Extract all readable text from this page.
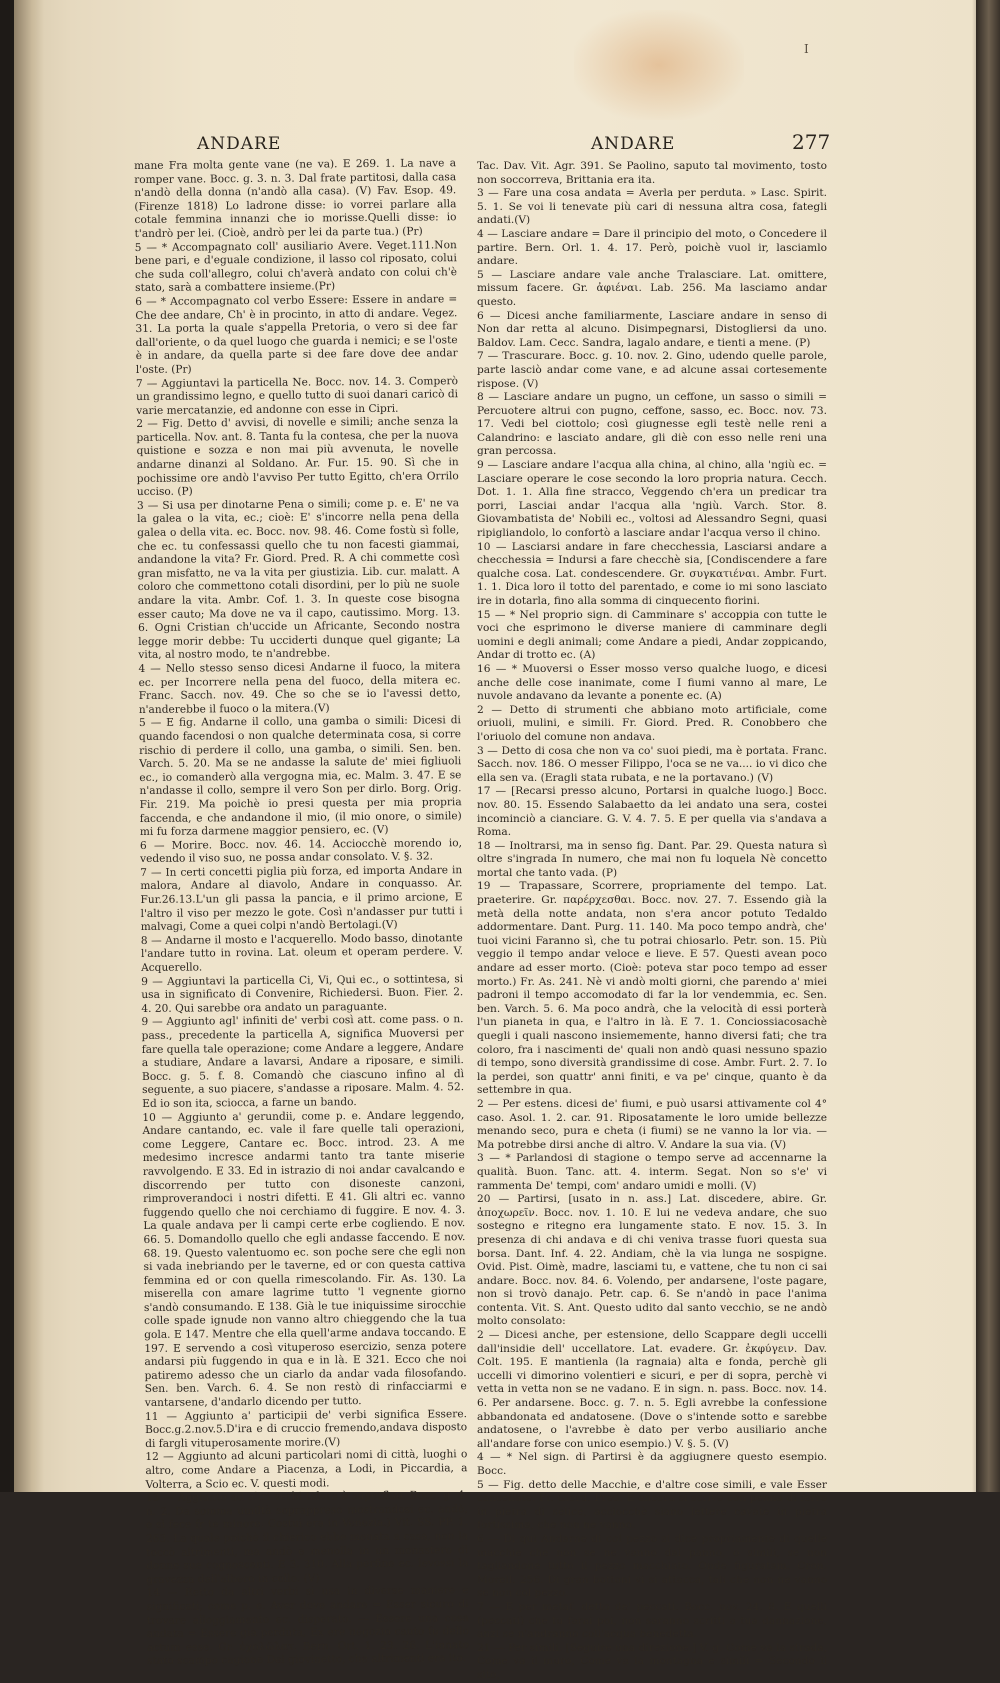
I
ANDARE	ANDARE	277

mane Fra molta gente vane (ne va). E 269. 1. La nave a romper vane. Bocc. g. 3. n. 3. Dal frate partitosi, dalla casa n'andò della donna (n'andò alla casa). (V) Fav. Esop. 49. (Firenze 1818) Lo ladrone disse: io vorrei parlare alla cotale femmina innanzi che io morisse.Quelli disse: io t'andrò per lei. (Cioè, andrò per lei da parte tua.) (Pr)

5 — * Accompagnato coll' ausiliario Avere. Veget.111.Non bene pari, e d'eguale condizione, il lasso col riposato, colui che suda coll'allegro, colui ch'averà andato con colui ch'è stato, sarà a combattere insieme.(Pr)

6 — * Accompagnato col verbo Essere: Essere in andare = Che dee andare, Ch' è in procinto, in atto di andare. Vegez. 31. La porta la quale s'appella Pretoria, o vero si dee far dall'oriente, o da quel luogo che guarda i nemici; e se l'oste è in andare, da quella parte si dee fare dove dee andar l'oste. (Pr)

7 — Aggiuntavi la particella Ne. Bocc. nov. 14. 3. Comperò un grandissimo legno, e quello tutto di suoi danari caricò di varie mercatanzie, ed andonne con esse in Cipri.

2 — Fig. Detto d' avvisi, di novelle e simili; anche senza la particella. Nov. ant. 8. Tanta fu la contesa, che per la nuova quistione e sozza e non mai più avvenuta, le novelle andarne dinanzi al Soldano. Ar. Fur. 15. 90. Sì che in pochissime ore andò l'avviso Per tutto Egitto, ch'era Orrilo ucciso. (P)

3 — Si usa per dinotarne Pena o simili; come p. e. E' ne va la galea o la vita, ec.; cioè: E' s'incorre nella pena della galea o della vita. ec. Bocc. nov. 98. 46. Come fostù sì folle, che ec. tu confessassi quello che tu non facesti giammai, andandone la vita? Fr. Giord. Pred. R. A chi commette così gran misfatto, ne va la vita per giustizia. Lib. cur. malatt. A coloro che commettono cotali disordini, per lo più ne suole andare la vita. Ambr. Cof. 1. 3. In queste cose bisogna esser cauto; Ma dove ne va il capo, cautissimo. Morg. 13. 6. Ogni Cristian ch'uccide un Africante, Secondo nostra legge morir debbe: Tu ucciderti dunque quel gigante; La vita, al nostro modo, te n'andrebbe.

4 — Nello stesso senso dicesi Andarne il fuoco, la mitera ec. per Incorrere nella pena del fuoco, della mitera ec. Franc. Sacch. nov. 49. Che so che se io l'avessi detto, n'anderebbe il fuoco o la mitera.(V)

5 — E fig. Andarne il collo, una gamba o simili: Dicesi di quando facendosi o non qualche determinata cosa, si corre rischio di perdere il collo, una gamba, o simili. Sen. ben. Varch. 5. 20. Ma se ne andasse la salute de' miei figliuoli ec., io comanderò alla vergogna mia, ec. Malm. 3. 47. E se n'andasse il collo, sempre il vero Son per dirlo. Borg. Orig. Fir. 219. Ma poichè io presi questa per mia propria faccenda, e che andandone il mio, (il mio onore, o simile) mi fu forza darmene maggior pensiero, ec. (V)

6 — Morire. Bocc. nov. 46. 14. Acciocchè morendo io, vedendo il viso suo, ne possa andar consolato. V. §. 32.

7 — In certi concetti piglia più forza, ed importa Andare in malora, Andare al diavolo, Andare in conquasso. Ar. Fur.26.13.L'un gli passa la pancia, e il primo arcione, E l'altro il viso per mezzo le gote. Così n'andasser pur tutti i malvagi, Come a quei colpi n'andò Bertolagi.(V)

8 — Andarne il mosto e l'acquerello. Modo basso, dinotante l'andare tutto in rovina. Lat. oleum et operam perdere. V. Acquerello.

9 — Aggiuntavi la particella Ci, Vi, Qui ec., o sottintesa, si usa in significato di Convenire, Richiedersi. Buon. Fier. 2. 4. 20. Qui sarebbe ora andato un paraguante.

9 — Aggiunto agl' infiniti de' verbi così att. come pass. o n. pass., precedente la particella A, significa Muoversi per fare quella tale operazione; come Andare a leggere, Andare a studiare, Andare a lavarsi, Andare a riposare, e simili. Bocc. g. 5. f. 8. Comandò che ciascuno infino al dì seguente, a suo piacere, s'andasse a riposare. Malm. 4. 52. Ed io son ita, sciocca, a farne un bando.

10 — Aggiunto a' gerundii, come p. e. Andare leggendo, Andare cantando, ec. vale il fare quelle tali operazioni, come Leggere, Cantare ec. Bocc. introd. 23. A me medesimo incresce andarmi tanto tra tante miserie ravvolgendo. E 33. Ed in istrazio di noi andar cavalcando e discorrendo per tutto con disoneste canzoni, rimproverandoci i nostri difetti. E 41. Gli altri ec. vanno fuggendo quello che noi cerchiamo di fuggire. E nov. 4. 3. La quale andava per li campi certe erbe cogliendo. E nov. 66. 5. Domandollo quello che egli andasse faccendo. E nov. 68. 19. Questo valentuomo ec. son poche sere che egli non si vada inebriando per le taverne, ed or con questa cattiva femmina ed or con quella rimescolando. Fir. As. 130. La miserella con amare lagrime tutto 'l vegnente giorno s'andò consumando. E 138. Già le tue iniquissime sirocchie colle spade ignude non vanno altro chieggendo che la tua gola. E 147. Mentre che ella quell'arme andava toccando. E 197. E servendo a così vituperoso esercizio, senza potere andarsi più fuggendo in qua e in là. E 321. Ecco che noi patiremo adesso che un ciarlo da andar vada filosofando. Sen. ben. Varch. 6. 4. Se non restò di rinfacciarmi e vantarsene, d'andarlo dicendo per tutto.

11 — Aggiunto a' participii de' verbi significa Essere. Bocc.g.2.nov.5.D'ira e di cruccio fremendo,andava disposto di fargli vituperosamente morire.(V)

12 — Aggiunto ad alcuni particolari nomi di città, luoghi o altro, come Andare a Piacenza, a Lodi, in Piccardia, a Volterra, a Scio ec. V. questi modi.

13 — Aggiunto ad altri verbi talora è superfluo. Bocc. g. 4. n. 2. Da somma umiltà soprappreso mostrandosi ec. andò, e sì fece fr te minore. Costui era in Venezia.) Vit. SS. PP. 1. 263. La quale poichè il chierico ebbe menata a casa, non la toccò altrimenti, ma andò e menolla in un monastero di donne sue cognoscenti. E 3. 310. Alla perfine ec. levossi la gravezza dell'albero in collo. (V)

14 — Retto da altri verbi si usa in diverse maniere e significati; come p. e. Aver dove andare = Esser sicuro di trovare alloggiamento ec. disperato. — Essere una cosa andata = Essere già perduta, Ex ere negozio cauto fu dello actum esse. Gr. ὀχολῶλατ. Bern. Ort. 1. 23. 26. L'innato stato scampo cagione Del giovinetto, che altrimenti era ito.

Tac. Dav. Vit. Agr. 391. Se Paolino, saputo tal movimento, tosto non soccorreva, Brittania era ita.

3 — Fare una cosa andata = Averla per perduta. » Lasc. Spirit. 5. 1. Se voi li tenevate più cari di nessuna altra cosa, fategli andati.(V)

4 — Lasciare andare = Dare il principio del moto, o Concedere il partire. Bern. Orl. 1. 4. 17. Però, poichè vuol ir, lasciamlo andare.

5 — Lasciare andare vale anche Tralasciare. Lat. omittere, missum facere. Gr. ἀφιέναι. Lab. 256. Ma lasciamo andar questo.

6 — Dicesi anche familiarmente, Lasciare andare in senso di Non dar retta al alcuno. Disimpegnarsi, Distogliersi da uno. Baldov. Lam. Cecc. Sandra, lagalo andare, e tienti a mene. (P)

7 — Trascurare. Bocc. g. 10. nov. 2. Gino, udendo quelle parole, parte lasciò andar come vane, e ad alcune assai cortesemente rispose. (V)

8 — Lasciare andare un pugno, un ceffone, un sasso o simili = Percuotere altrui con pugno, ceffone, sasso, ec. Bocc. nov. 73. 17. Vedi bel ciottolo; così giugnesse egli testè nelle reni a Calandrino: e lasciato andare, gli diè con esso nelle reni una gran percossa.

9 — Lasciare andare l'acqua alla china, al chino, alla 'ngiù ec. = Lasciare operare le cose secondo la loro propria natura. Cecch. Dot. 1. 1. Alla fine stracco, Veggendo ch'era un predicar tra porri, Lasciai andar l'acqua alla 'ngiù. Varch. Stor. 8. Giovambatista de' Nobili ec., voltosi ad Alessandro Segni, quasi ripigliandolo, lo confortò a lasciare andar l'acqua verso il chino.

10 — Lasciarsi andare in fare checchessia, Lasciarsi andare a checchessia = Indursi a fare checchè sia, [Condiscendere a fare qualche cosa. Lat. condescendere. Gr. συγκατιέναι. Ambr. Furt. 1. 1. Dica loro il totto del parentado, e come io mi sono lasciato ire in dotarla, fino alla somma di cinquecento fiorini.

15 — * Nel proprio sign. di Camminare s' accoppia con tutte le voci che esprimono le diverse maniere di camminare degli uomini e degli animali; come Andare a piedi, Andar zoppicando, Andar di trotto ec. (A)

16 — * Muoversi o Esser mosso verso qualche luogo, e dicesi anche delle cose inanimate, come I fiumi vanno al mare, Le nuvole andavano da levante a ponente ec. (A)

2 — Detto di strumenti che abbiano moto artificiale, come oriuoli, mulini, e simili. Fr. Giord. Pred. R. Conobbero che l'oriuolo del comune non andava.

3 — Detto di cosa che non va co' suoi piedi, ma è portata. Franc. Sacch. nov. 186. O messer Filippo, l'oca se ne va.... io vi dico che ella sen va. (Eragli stata rubata, e ne la portavano.) (V)

17 — [Recarsi presso alcuno, Portarsi in qualche luogo.] Bocc. nov. 80. 15. Essendo Salabaetto da lei andato una sera, costei incominciò a cianciare. G. V. 4. 7. 5. E per quella via s'andava a Roma.

18 — Inoltrarsi, ma in senso fig. Dant. Par. 29. Questa natura sì oltre s'ingrada In numero, che mai non fu loquela Nè concetto mortal che tanto vada. (P)

19 — Trapassare, Scorrere, propriamente del tempo. Lat. praeterire. Gr. παρέρχεσθαι. Bocc. nov. 27. 7. Essendo già la metà della notte andata, non s'era ancor potuto Tedaldo addormentare. Dant. Purg. 11. 140. Ma poco tempo andrà, che' tuoi vicini Faranno sì, che tu potrai chiosarlo. Petr. son. 15. Più veggio il tempo andar veloce e lieve. E 57. Questi avean poco andare ad esser morto. (Cioè: poteva star poco tempo ad esser morto.) Fr. As. 241. Nè vi andò molti giorni, che parendo a' miei padroni il tempo accomodato di far la lor vendemmia, ec. Sen. ben. Varch. 5. 6. Ma poco andrà, che la velocità di essi porterà l'un pianeta in qua, e l'altro in là. E 7. 1. Conciossiacosachè quegli i quali nascono insiememente, hanno diversi fati; che tra coloro, fra i nascimenti de' quali non andò quasi nessuno spazio di tempo, sono diversità grandissime di cose. Ambr. Furt. 2. 7. Io la perdei, son quattr' anni finiti, e va pe' cinque, quanto è da settembre in qua.

2 — Per estens. dicesi de' fiumi, e può usarsi attivamente col 4° caso. Asol. 1. 2. car. 91. Riposatamente le loro umide bellezze menando seco, pura e cheta (i fiumi) se ne vanno la lor via. — Ma potrebbe dirsi anche di altro. V. Andare la sua via. (V)

3 — * Parlandosi di stagione o tempo serve ad accennarne la qualità. Buon. Tanc. att. 4. interm. Segat. Non so s'e' vi rammenta De' tempi, com' andaro umidi e molli. (V)

20 — Partirsi, [usato in n. ass.] Lat. discedere, abire. Gr. ἀποχωρεῖν. Bocc. nov. 1. 10. E lui ne vedeva andare, che suo sostegno e ritegno era lungamente stato. E nov. 15. 3. In presenza di chi andava e di chi veniva trasse fuori questa sua borsa. Dant. Inf. 4. 22. Andiam, chè la via lunga ne sospigne. Ovid. Pist. Oimè, madre, lasciami tu, e vattene, che tu non ci sai andare. Bocc. nov. 84. 6. Volendo, per andarsene, l'oste pagare, non si trovò danajo. Petr. cap. 6. Se n'andò in pace l'anima contenta. Vit. S. Ant. Questo udito dal santo vecchio, se ne andò molto consolato:

2 — Dicesi anche, per estensione, dello Scappare degli uccelli dall'insidie dell' uccellatore. Lat. evadere. Gr. ἐκφύγειν. Dav. Colt. 195. E mantienla (la ragnaia) alta e fonda, perchè gli uccelli vi dimorino volentieri e sicuri, e per di sopra, perchè vi vetta in vetta non se ne vadano. E in sign. n. pass. Bocc. nov. 14. 6. Per andarsene. Bocc. g. 7. n. 5. Egli avrebbe la confessione abbandonata ed andatosene. (Dove o s'intende sotto e sarebbe andatosene, o l'avrebbe è dato per verbo ausiliario anche all'andare forse con unico esempio.) V. §. 5. (V)

4 — * Nel sign. di Partirsi è da aggiugnere questo esempio. Bocc.

5 — Fig. detto delle Macchie, e d'altre cose simili, e vale Esser cancellate. Fr. Giord. Pred. E ancora si scrive con penna di ferro in pietra di selice, acciocchè siano lettere cavate in pietra fortissima, che non ne vanno.

6 — Di qui Andarne di col pezzo si dice propriamente di quelle macchie che non se ne vanno dal panno, o simili, se non tagliandone tutto il pezzo macchiato. Onde figuratam. Cron. Morell. 256. Di gran bottoni vi si attacca, tali che non ne vanno se non col pezzo.

7 — E per metaf. detto de' peccati. Bocc. nov. 24. 8. E quelli (peccati) che tu farai poi, non saranno scritti a tua dannazione, anzi se n'andranno coll'acqua benedetta.

21 — Per simili. [Seguire una direzione.] V. g. Come va la strada, Come va il muro, Come va la montagna e simili = Secondo il sito,
